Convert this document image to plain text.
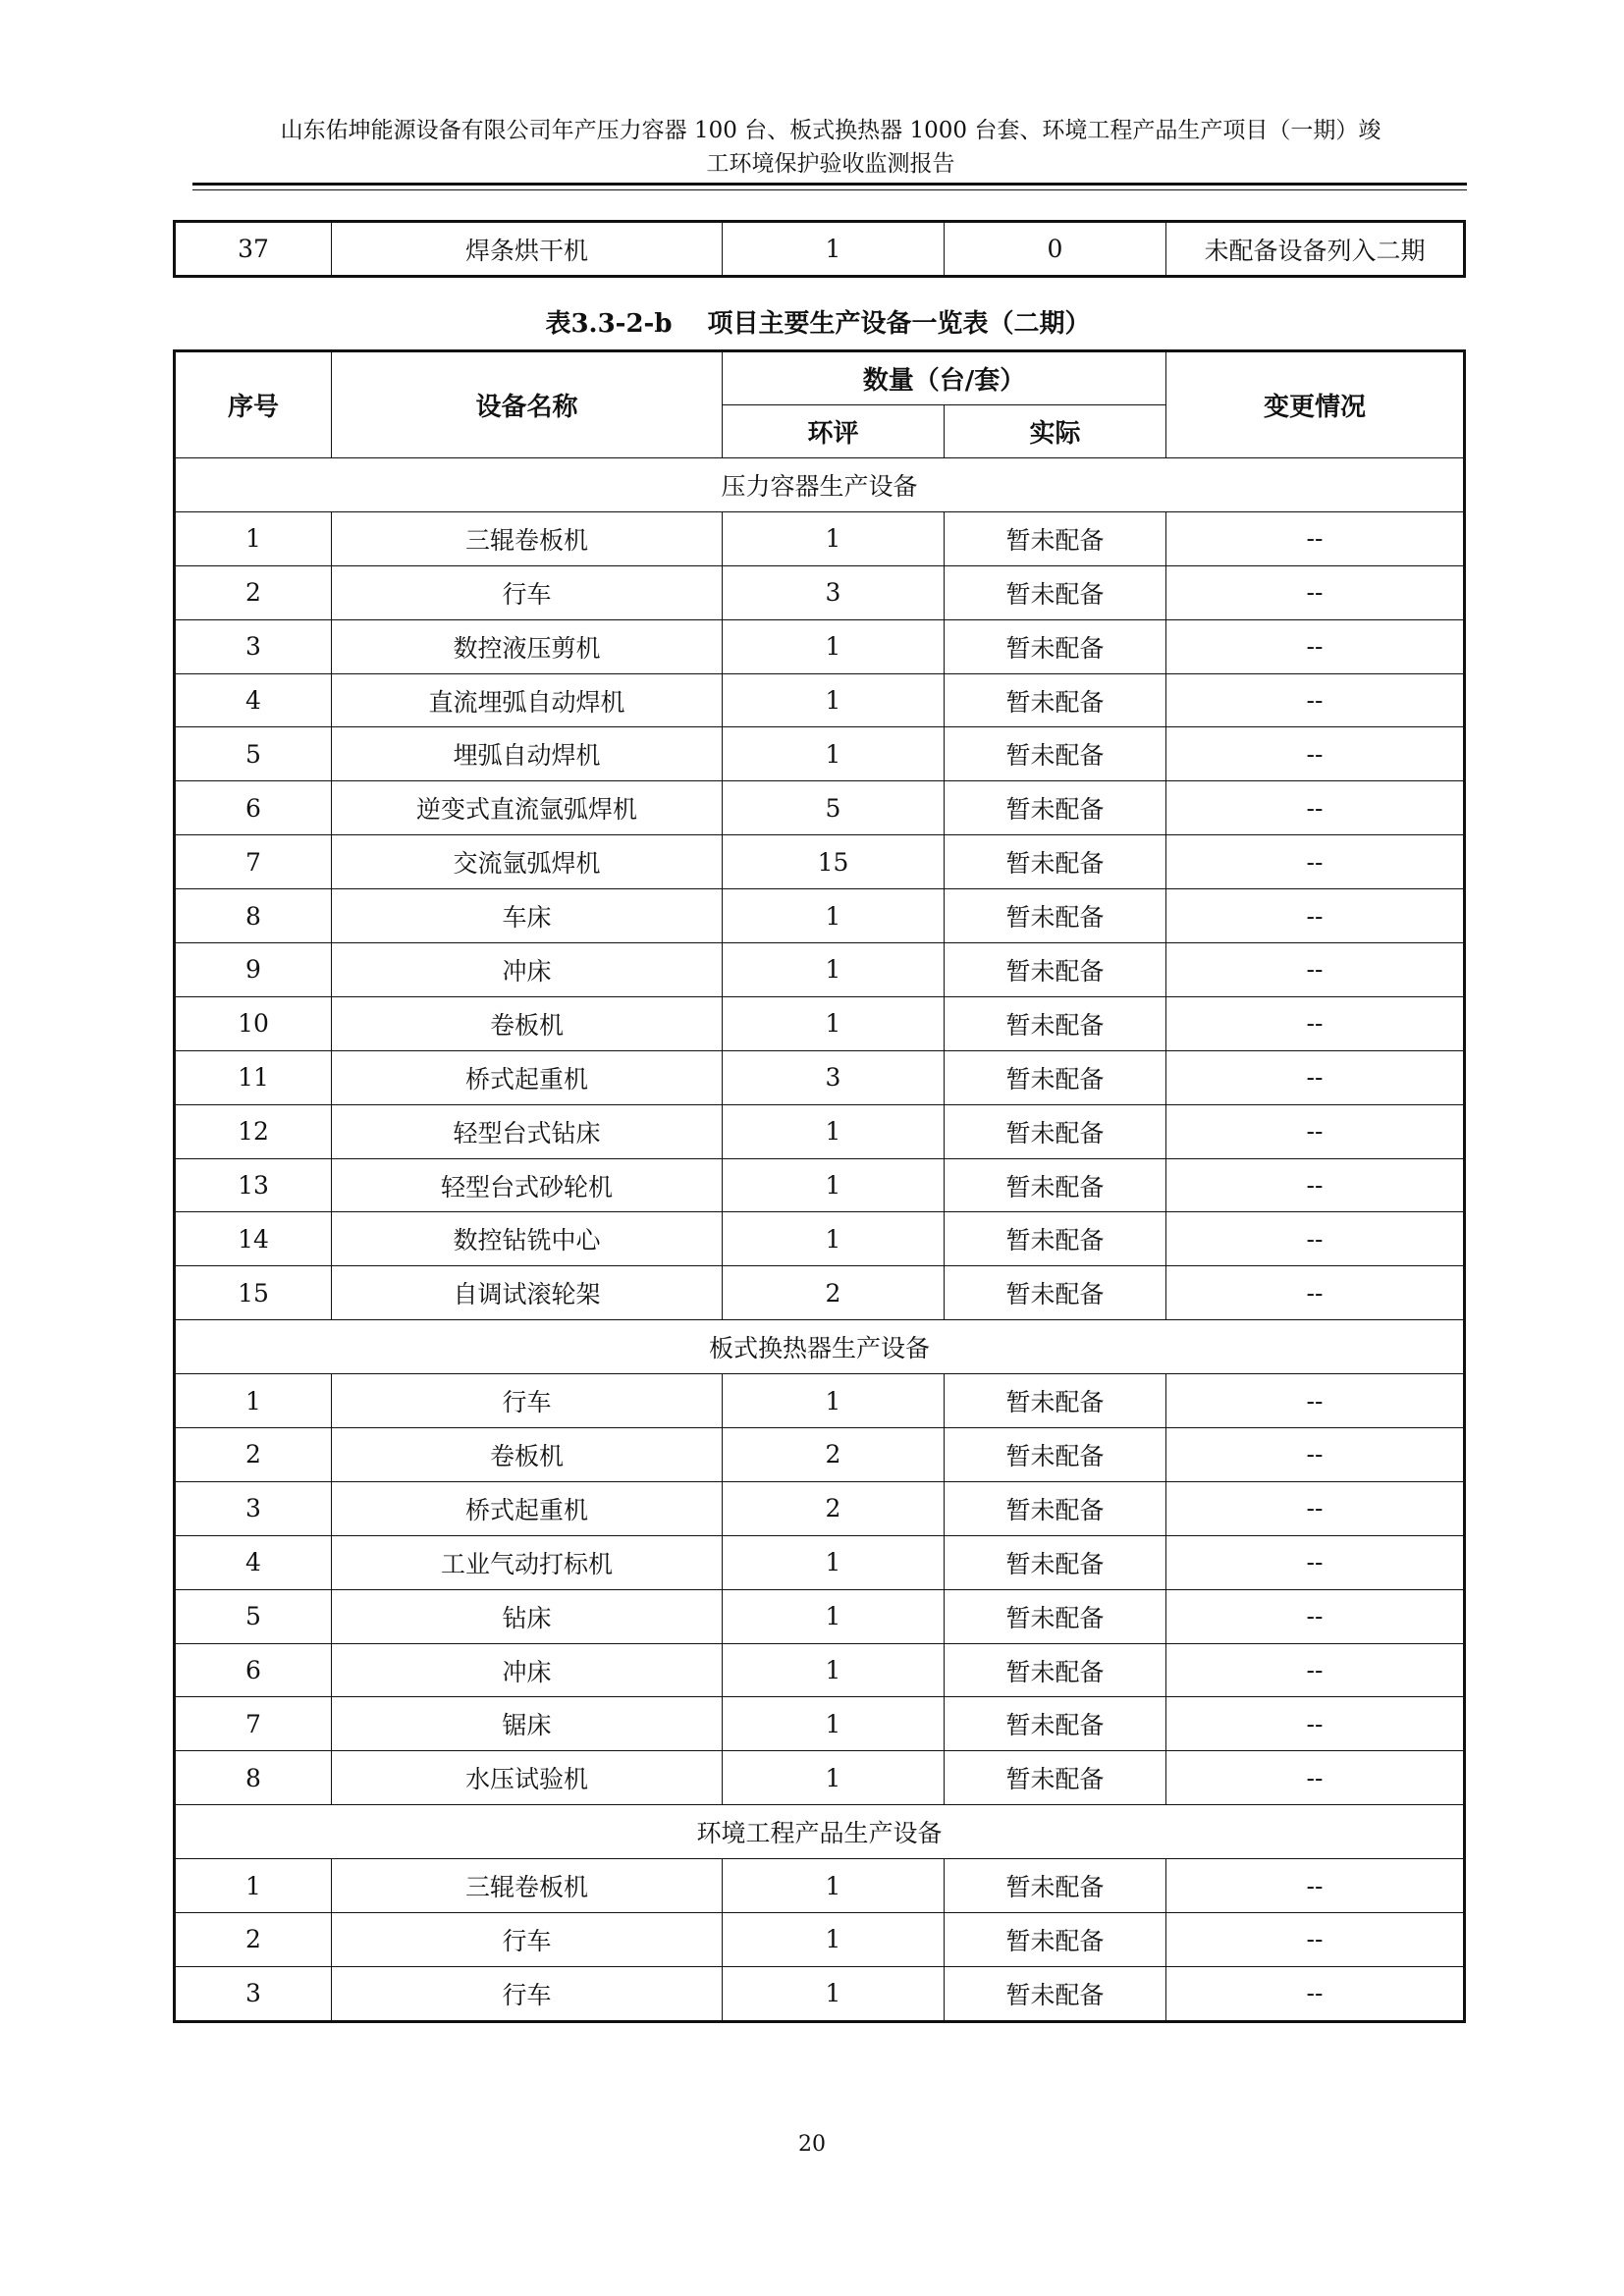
山东佑坤能源设备有限公司年产压力容器 100 台、板式换热器 1000 台套、环境工程产品生产项目（一期）竣
工环境保护验收监测报告
37	焊条烘干机	1	0	未配备设备列入二期
表3.3-2-b 项目主要生产设备一览表（二期）
序号	设备名称	数量（台/套）		变更情况
		环评	实际	
压力容器生产设备				
1	三辊卷板机	1	暂未配备	--
2	行车	3	暂未配备	--
3	数控液压剪机	1	暂未配备	--
4	直流埋弧自动焊机	1	暂未配备	--
5	埋弧自动焊机	1	暂未配备	--
6	逆变式直流氩弧焊机	5	暂未配备	--
7	交流氩弧焊机	15	暂未配备	--
8	车床	1	暂未配备	--
9	冲床	1	暂未配备	--
10	卷板机	1	暂未配备	--
11	桥式起重机	3	暂未配备	--
12	轻型台式钻床	1	暂未配备	--
13	轻型台式砂轮机	1	暂未配备	--
14	数控钻铣中心	1	暂未配备	--
15	自调试滚轮架	2	暂未配备	--
板式换热器生产设备				
1	行车	1	暂未配备	--
2	卷板机	2	暂未配备	--
3	桥式起重机	2	暂未配备	--
4	工业气动打标机	1	暂未配备	--
5	钻床	1	暂未配备	--
6	冲床	1	暂未配备	--
7	锯床	1	暂未配备	--
8	水压试验机	1	暂未配备	--
环境工程产品生产设备				
1	三辊卷板机	1	暂未配备	--
2	行车	1	暂未配备	--
3	行车	1	暂未配备	--
20
